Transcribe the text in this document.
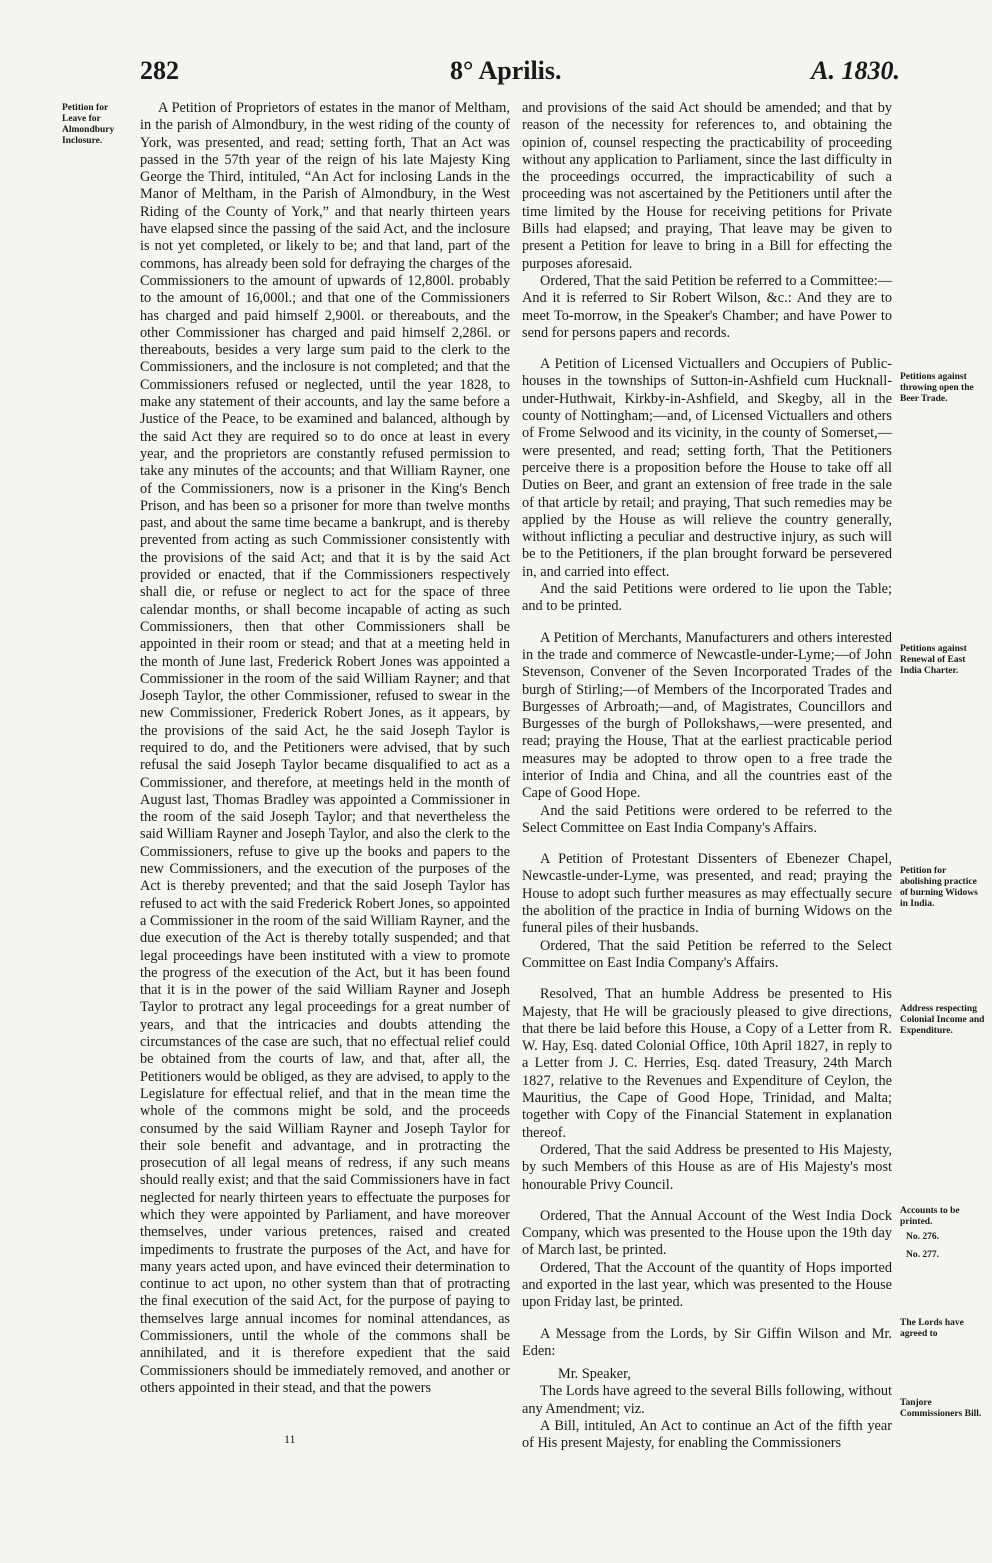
282	8° Aprilis.	A. 1830.
Petition for Leave for Almondbury Inclosure.
Petitions against throwing open the Beer Trade.
Petitions against Renewal of East India Charter.
Petition for abolishing practice of burning Widows in India.
Address respecting Colonial Income and Expenditure.
Accounts to be printed.
No. 276.
No. 277.
The Lords have agreed to
Tanjore Commissioners Bill.

A Petition of Proprietors of estates in the manor of Meltham, in the parish of Almondbury, in the west riding of the county of York, was presented, and read; setting forth, That an Act was passed in the 57th year of the reign of his late Majesty King George the Third, intituled, “An Act for inclosing Lands in the Manor of Meltham, in the Parish of Almondbury, in the West Riding of the County of York,” and that nearly thirteen years have elapsed since the passing of the said Act, and the inclosure is not yet completed, or likely to be; and that land, part of the commons, has already been sold for defraying the charges of the Commissioners to the amount of upwards of 12,800l. probably to the amount of 16,000l.; and that one of the Commissioners has charged and paid himself 2,900l. or thereabouts, and the other Commissioner has charged and paid himself 2,286l. or thereabouts, besides a very large sum paid to the clerk to the Commissioners, and the inclosure is not completed; and that the Commissioners refused or neglected, until the year 1828, to make any statement of their accounts, and lay the same before a Justice of the Peace, to be examined and balanced, although by the said Act they are required so to do once at least in every year, and the proprietors are constantly refused permission to take any minutes of the accounts; and that William Rayner, one of the Commissioners, now is a prisoner in the King's Bench Prison, and has been so a prisoner for more than twelve months past, and about the same time became a bankrupt, and is thereby prevented from acting as such Commissioner consistently with the provisions of the said Act; and that it is by the said Act provided or enacted, that if the Commissioners respectively shall die, or refuse or neglect to act for the space of three calendar months, or shall become incapable of acting as such Commissioners, then that other Commissioners shall be appointed in their room or stead; and that at a meeting held in the month of June last, Frederick Robert Jones was appointed a Commissioner in the room of the said William Rayner; and that Joseph Taylor, the other Commissioner, refused to swear in the new Commissioner, Frederick Robert Jones, as it appears, by the provisions of the said Act, he the said Joseph Taylor is required to do, and the Petitioners were advised, that by such refusal the said Joseph Taylor became disqualified to act as a Commissioner, and therefore, at meetings held in the month of August last, Thomas Bradley was appointed a Commissioner in the room of the said Joseph Taylor; and that nevertheless the said William Rayner and Joseph Taylor, and also the clerk to the Commissioners, refuse to give up the books and papers to the new Commissioners, and the execution of the purposes of the Act is thereby prevented; and that the said Joseph Taylor has refused to act with the said Frederick Robert Jones, so appointed a Commissioner in the room of the said William Rayner, and the due execution of the Act is thereby totally suspended; and that legal proceedings have been instituted with a view to promote the progress of the execution of the Act, but it has been found that it is in the power of the said William Rayner and Joseph Taylor to protract any legal proceedings for a great number of years, and that the intricacies and doubts attending the circumstances of the case are such, that no effectual relief could be obtained from the courts of law, and that, after all, the Petitioners would be obliged, as they are advised, to apply to the Legislature for effectual relief, and that in the mean time the whole of the commons might be sold, and the proceeds consumed by the said William Rayner and Joseph Taylor for their sole benefit and advantage, and in protracting the prosecution of all legal means of redress, if any such means should really exist; and that the said Commissioners have in fact neglected for nearly thirteen years to effectuate the purposes for which they were appointed by Parliament, and have moreover themselves, under various pretences, raised and created impediments to frustrate the purposes of the Act, and have for many years acted upon, and have evinced their determination to continue to act upon, no other system than that of protracting the final execution of the said Act, for the purpose of paying to themselves large annual incomes for nominal attendances, as Commissioners, until the whole of the commons shall be annihilated, and it is therefore expedient that the said Commissioners should be immediately removed, and another or others appointed in their stead, and that the powers

and provisions of the said Act should be amended; and that by reason of the necessity for references to, and obtaining the opinion of, counsel respecting the practicability of proceeding without any application to Parliament, since the last difficulty in the proceedings occurred, the impracticability of such a proceeding was not ascertained by the Petitioners until after the time limited by the House for receiving petitions for Private Bills had elapsed; and praying, That leave may be given to present a Petition for leave to bring in a Bill for effecting the purposes aforesaid.

Ordered, That the said Petition be referred to a Committee:—And it is referred to Sir Robert Wilson, &c.: And they are to meet To-morrow, in the Speaker's Chamber; and have Power to send for persons papers and records.

A Petition of Licensed Victuallers and Occupiers of Public-houses in the townships of Sutton-in-Ashfield cum Hucknall-under-Huthwait, Kirkby-in-Ashfield, and Skegby, all in the county of Nottingham;—and, of Licensed Victuallers and others of Frome Selwood and its vicinity, in the county of Somerset,—were presented, and read; setting forth, That the Petitioners perceive there is a proposition before the House to take off all Duties on Beer, and grant an extension of free trade in the sale of that article by retail; and praying, That such remedies may be applied by the House as will relieve the country generally, without inflicting a peculiar and destructive injury, as such will be to the Petitioners, if the plan brought forward be persevered in, and carried into effect.

And the said Petitions were ordered to lie upon the Table; and to be printed.

A Petition of Merchants, Manufacturers and others interested in the trade and commerce of Newcastle-under-Lyme;—of John Stevenson, Convener of the Seven Incorporated Trades of the burgh of Stirling;—of Members of the Incorporated Trades and Burgesses of Arbroath;—and, of Magistrates, Councillors and Burgesses of the burgh of Pollokshaws,—were presented, and read; praying the House, That at the earliest practicable period measures may be adopted to throw open to a free trade the interior of India and China, and all the countries east of the Cape of Good Hope.

And the said Petitions were ordered to be referred to the Select Committee on East India Company's Affairs.

A Petition of Protestant Dissenters of Ebenezer Chapel, Newcastle-under-Lyme, was presented, and read; praying the House to adopt such further measures as may effectually secure the abolition of the practice in India of burning Widows on the funeral piles of their husbands.

Ordered, That the said Petition be referred to the Select Committee on East India Company's Affairs.

Resolved, That an humble Address be presented to His Majesty, that He will be graciously pleased to give directions, that there be laid before this House, a Copy of a Letter from R. W. Hay, Esq. dated Colonial Office, 10th April 1827, in reply to a Letter from J. C. Herries, Esq. dated Treasury, 24th March 1827, relative to the Revenues and Expenditure of Ceylon, the Mauritius, the Cape of Good Hope, Trinidad, and Malta; together with Copy of the Financial Statement in explanation thereof.

Ordered, That the said Address be presented to His Majesty, by such Members of this House as are of His Majesty's most honourable Privy Council.

Ordered, That the Annual Account of the West India Dock Company, which was presented to the House upon the 19th day of March last, be printed.

Ordered, That the Account of the quantity of Hops imported and exported in the last year, which was presented to the House upon Friday last, be printed.

A Message from the Lords, by Sir Giffin Wilson and Mr. Eden:

Mr. Speaker,

The Lords have agreed to the several Bills following, without any Amendment; viz.

A Bill, intituled, An Act to continue an Act of the fifth year of His present Majesty, for enabling the Commissioners

11
